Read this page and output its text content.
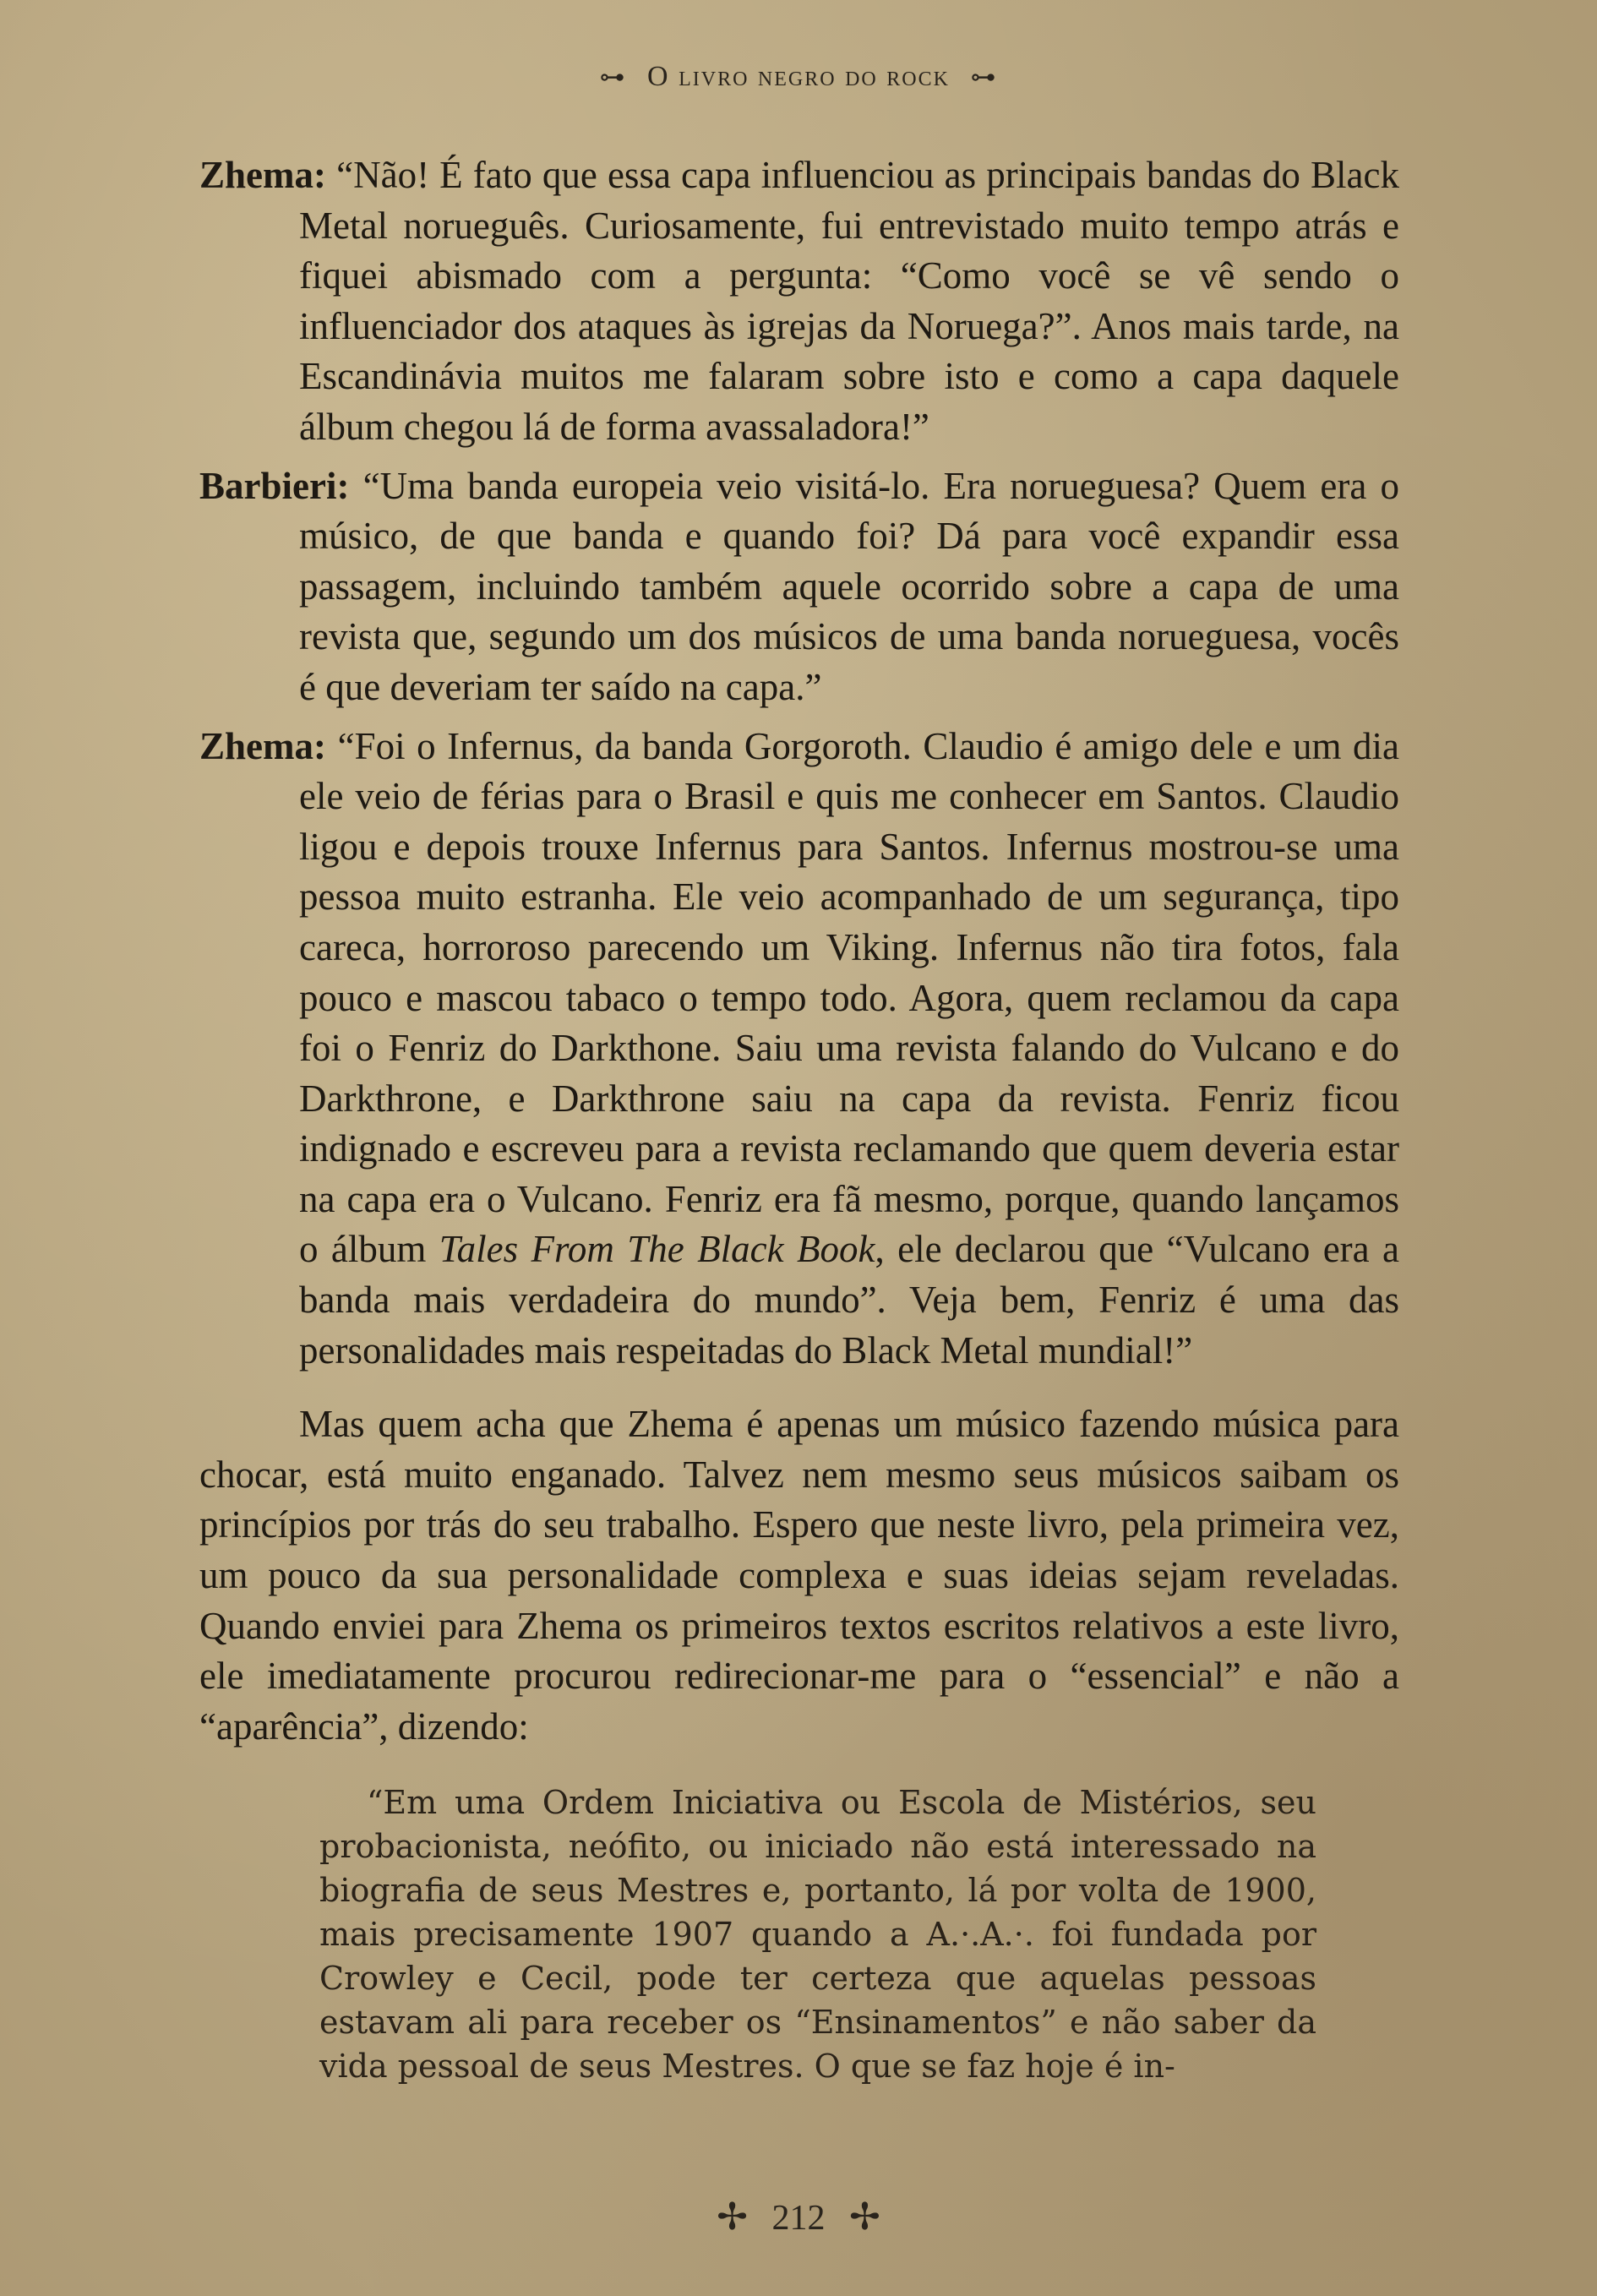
⊶ O livro negro do rock ⊶

Zhema: “Não! É fato que essa capa influenciou as principais bandas do Black Metal norueguês. Curiosamente, fui entrevistado muito tempo atrás e fiquei abismado com a pergunta: “Como você se vê sendo o influenciador dos ataques às igrejas da Noruega?”. Anos mais tarde, na Escandinávia muitos me falaram sobre isto e como a capa daquele álbum chegou lá de forma avassaladora!”

Barbieri: “Uma banda europeia veio visitá-lo. Era norueguesa? Quem era o músico, de que banda e quando foi? Dá para você expandir essa passagem, incluindo também aquele ocorrido sobre a capa de uma revista que, segundo um dos músicos de uma banda norueguesa, vocês é que deveriam ter saído na capa.”

Zhema: “Foi o Infernus, da banda Gorgoroth. Claudio é amigo dele e um dia ele veio de férias para o Brasil e quis me conhecer em Santos. Claudio ligou e depois trouxe Infernus para Santos. Infernus mostrou-se uma pessoa muito estranha. Ele veio acompanhado de um segurança, tipo careca, horroroso parecendo um Viking. Infernus não tira fotos, fala pouco e mascou tabaco o tempo todo. Agora, quem reclamou da capa foi o Fenriz do Darkthone. Saiu uma revista falando do Vulcano e do Darkthrone, e Darkthrone saiu na capa da revista. Fenriz ficou indignado e escreveu para a revista reclamando que quem deveria estar na capa era o Vulcano. Fenriz era fã mesmo, porque, quando lançamos o álbum Tales From The Black Book, ele declarou que “Vulcano era a banda mais verdadeira do mundo”. Veja bem, Fenriz é uma das personalidades mais respeitadas do Black Metal mundial!”

Mas quem acha que Zhema é apenas um músico fazendo música para chocar, está muito enganado. Talvez nem mesmo seus músicos saibam os princípios por trás do seu trabalho. Espero que neste livro, pela primeira vez, um pouco da sua personalidade complexa e suas ideias sejam reveladas. Quando enviei para Zhema os primeiros textos escritos relativos a este livro, ele imediatamente procurou redirecionar-me para o “essencial” e não a “aparência”, dizendo:

“Em uma Ordem Iniciativa ou Escola de Mistérios, seu probacionista, neófito, ou iniciado não está interessado na biografia de seus Mestres e, portanto, lá por volta de 1900, mais precisamente 1907 quando a A.·.A.·. foi fundada por Crowley e Cecil, pode ter certeza que aquelas pessoas estavam ali para receber os “Ensinamentos” e não saber da vida pessoal de seus Mestres. O que se faz hoje é in-

✢ 212 ✢
